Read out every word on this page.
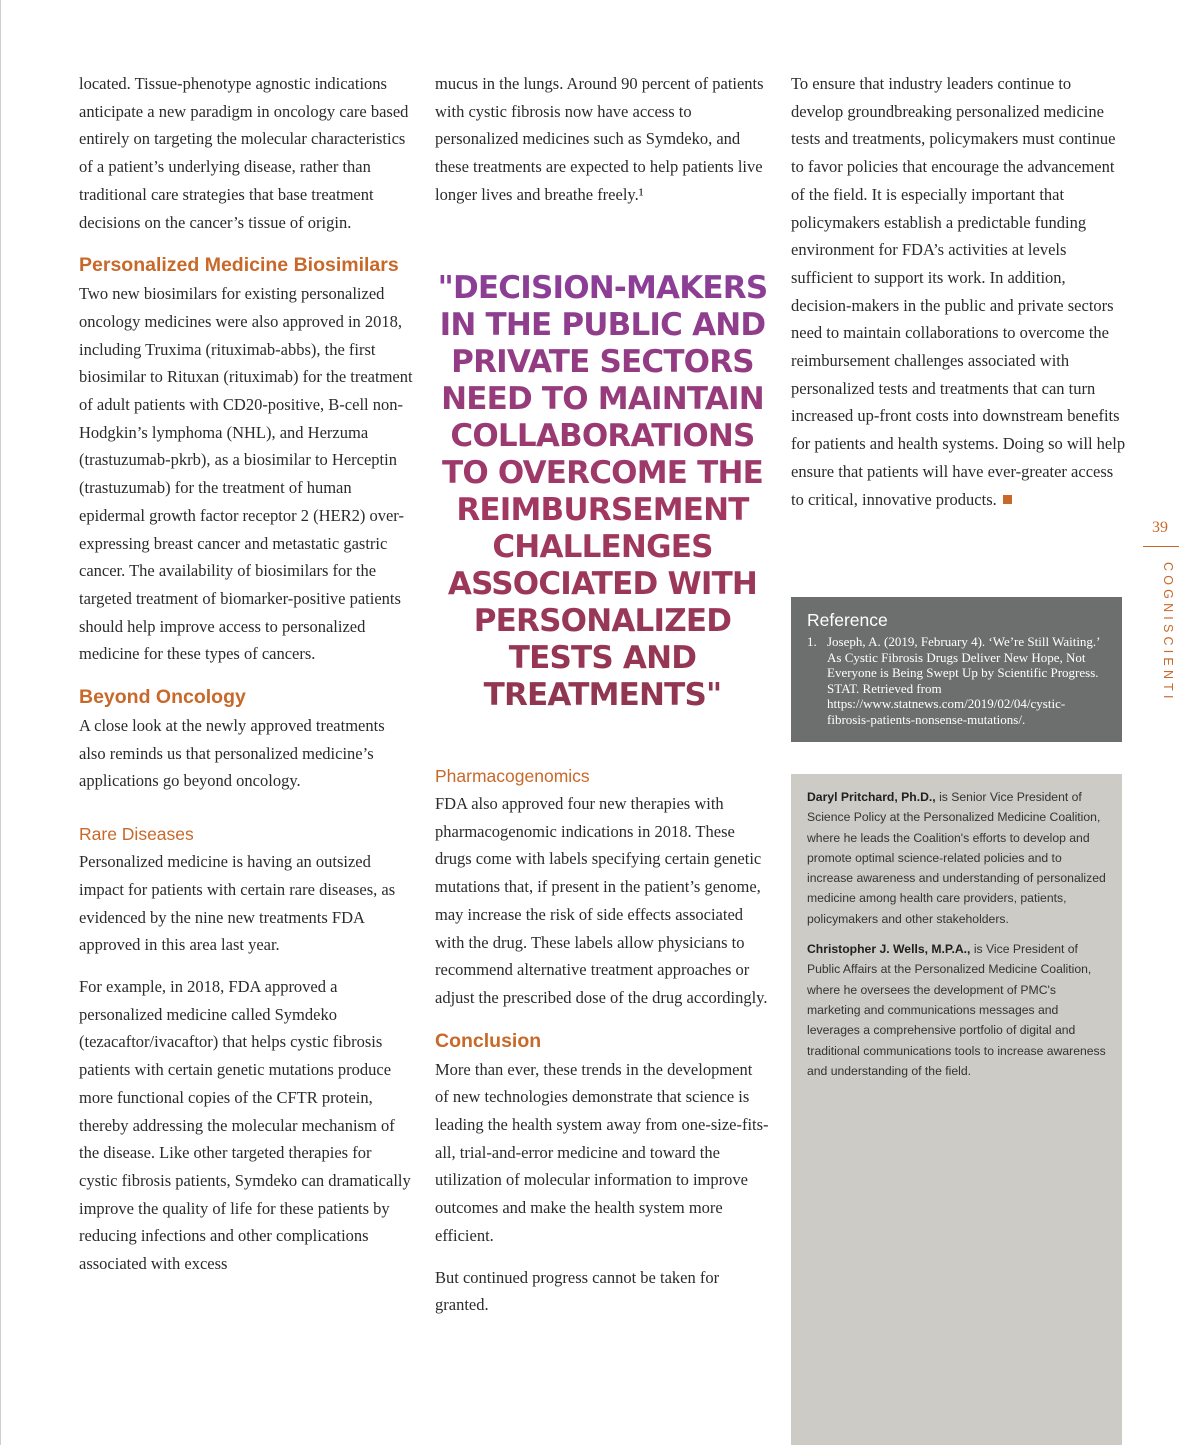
located. Tissue-phenotype agnostic indications anticipate a new paradigm in oncology care based entirely on targeting the molecular characteristics of a patient’s underlying disease, rather than traditional care strategies that base treatment decisions on the cancer’s tissue of origin.

Personalized Medicine Biosimilars

Two new biosimilars for existing personalized oncology medicines were also approved in 2018, including Truxima (rituximab-abbs), the first biosimilar to Rituxan (rituximab) for the treatment of adult patients with CD20-positive, B-cell non-Hodgkin’s lymphoma (NHL), and Herzuma (trastuzumab-pkrb), as a biosimilar to Herceptin (trastuzumab) for the treatment of human epidermal growth factor receptor 2 (HER2) over-expressing breast cancer and metastatic gastric cancer. The availability of biosimilars for the targeted treatment of biomarker-positive patients should help improve access to personalized medicine for these types of cancers.

Beyond Oncology

A close look at the newly approved treatments also reminds us that personalized medicine’s applications go beyond oncology.

Rare Diseases

Personalized medicine is having an outsized impact for patients with certain rare diseases, as evidenced by the nine new treatments FDA approved in this area last year.

For example, in 2018, FDA approved a personalized medicine called Symdeko (tezacaftor/ivacaftor) that helps cystic fibrosis patients with certain genetic mutations produce more functional copies of the CFTR protein, thereby addressing the molecular mechanism of the disease. Like other targeted therapies for cystic fibrosis patients, Symdeko can dramatically improve the quality of life for these patients by reducing infections and other complications associated with excess

mucus in the lungs. Around 90 percent of patients with cystic fibrosis now have access to personalized medicines such as Symdeko, and these treatments are expected to help patients live longer lives and breathe freely.¹

"DECISION-MAKERS IN THE PUBLIC AND PRIVATE SECTORS NEED TO MAINTAIN COLLABORATIONS TO OVERCOME THE REIMBURSEMENT CHALLENGES ASSOCIATED WITH PERSONALIZED TESTS AND TREATMENTS"

Pharmacogenomics

FDA also approved four new therapies with pharmacogenomic indications in 2018. These drugs come with labels specifying certain genetic mutations that, if present in the patient’s genome, may increase the risk of side effects associated with the drug. These labels allow physicians to recommend alternative treatment approaches or adjust the prescribed dose of the drug accordingly.

Conclusion

More than ever, these trends in the development of new technologies demonstrate that science is leading the health system away from one-size-fits-all, trial-and-error medicine and toward the utilization of molecular information to improve outcomes and make the health system more efficient.

But continued progress cannot be taken for granted.

To ensure that industry leaders continue to develop groundbreaking personalized medicine tests and treatments, policymakers must continue to favor policies that encourage the advancement of the field. It is especially important that policymakers establish a predictable funding environment for FDA’s activities at levels sufficient to support its work. In addition, decision-makers in the public and private sectors need to maintain collaborations to overcome the reimbursement challenges associated with personalized tests and treatments that can turn increased up-front costs into downstream benefits for patients and health systems. Doing so will help ensure that patients will have ever-greater access to critical, innovative products.

Reference

1. Joseph, A. (2019, February 4). ‘We’re Still Waiting.’ As Cystic Fibrosis Drugs Deliver New Hope, Not Everyone is Being Swept Up by Scientific Progress. STAT. Retrieved from https://www.statnews.com/2019/02/04/cystic-fibrosis-patients-nonsense-mutations/.

Daryl Pritchard, Ph.D., is Senior Vice President of Science Policy at the Personalized Medicine Coalition, where he leads the Coalition's efforts to develop and promote optimal science-related policies and to increase awareness and understanding of personalized medicine among health care providers, patients, policymakers and other stakeholders.

Christopher J. Wells, M.P.A., is Vice President of Public Affairs at the Personalized Medicine Coalition, where he oversees the development of PMC's marketing and communications messages and leverages a comprehensive portfolio of digital and traditional communications tools to increase awareness and understanding of the field.

39
COGNISCIENTI
